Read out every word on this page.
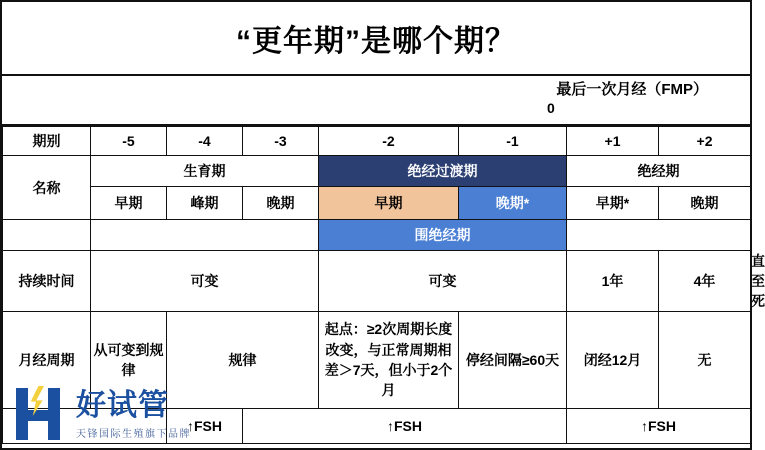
“更年期”是哪个期？
最后一次月经（FMP）
0
期别	-5	-4	-3	-2	-1	+1	+2	
名称	生育期			绝经过渡期		绝经期		
	早期	峰期	晚期	早期	晚期*	早期*	晚期	
				围绝经期				
持续时间	可变			可变		1年	4年	直至死
月经周期	从可变到规律	规律		起点：≥2次周期长度改变，与正常周期相差＞7天，但小于2个月	停经间隔≥60天	闭经12月	无	
		↑FSH	↑FSH			↑FSH		
好试管
天锋国际生殖旗下品牌
